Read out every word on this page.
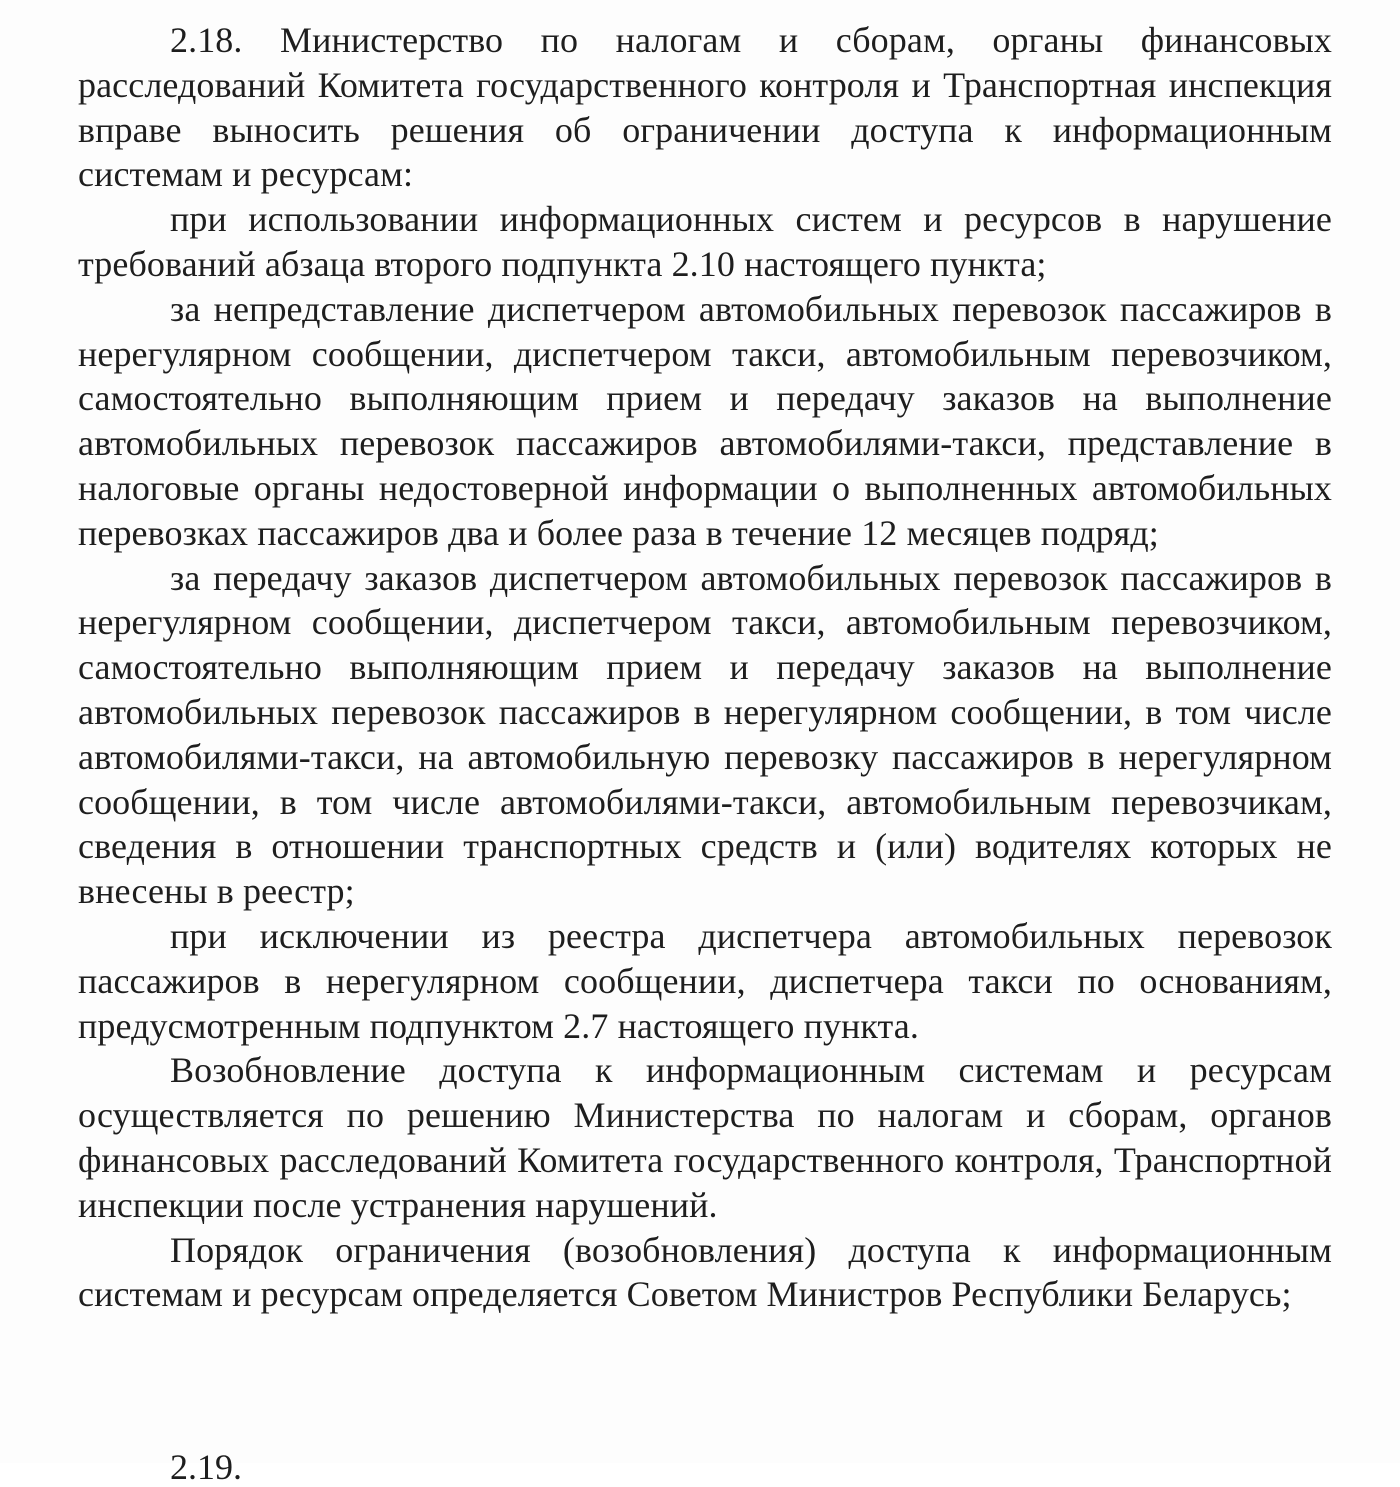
2.18. Министерство по налогам и сборам, органы финансовых расследований Комитета государственного контроля и Транспортная инспекция вправе выносить решения об ограничении доступа к информационным системам и ресурсам:

при использовании информационных систем и ресурсов в нарушение требований абзаца второго подпункта 2.10 настоящего пункта;

за непредставление диспетчером автомобильных перевозок пассажиров в нерегулярном сообщении, диспетчером такси, автомобильным перевозчиком, самостоятельно выполняющим прием и передачу заказов на выполнение автомобильных перевозок пассажиров автомобилями-такси, представление в налоговые органы недостоверной информации о выполненных автомобильных перевозках пассажиров два и более раза в течение 12 месяцев подряд;

за передачу заказов диспетчером автомобильных перевозок пассажиров в нерегулярном сообщении, диспетчером такси, автомобильным перевозчиком, самостоятельно выполняющим прием и передачу заказов на выполнение автомобильных перевозок пассажиров в нерегулярном сообщении, в том числе автомобилями-такси, на автомобильную перевозку пассажиров в нерегулярном сообщении, в том числе автомобилями-такси, автомобильным перевозчикам, сведения в отношении транспортных средств и (или) водителях которых не внесены в реестр;

при исключении из реестра диспетчера автомобильных перевозок пассажиров в нерегулярном сообщении, диспетчера такси по основаниям, предусмотренным подпунктом 2.7 настоящего пункта.

Возобновление доступа к информационным системам и ресурсам осуществляется по решению Министерства по налогам и сборам, органов финансовых расследований Комитета государственного контроля, Транспортной инспекции после устранения нарушений.

Порядок ограничения (возобновления) доступа к информационным системам и ресурсам определяется Советом Министров Республики Беларусь;

2.19.
